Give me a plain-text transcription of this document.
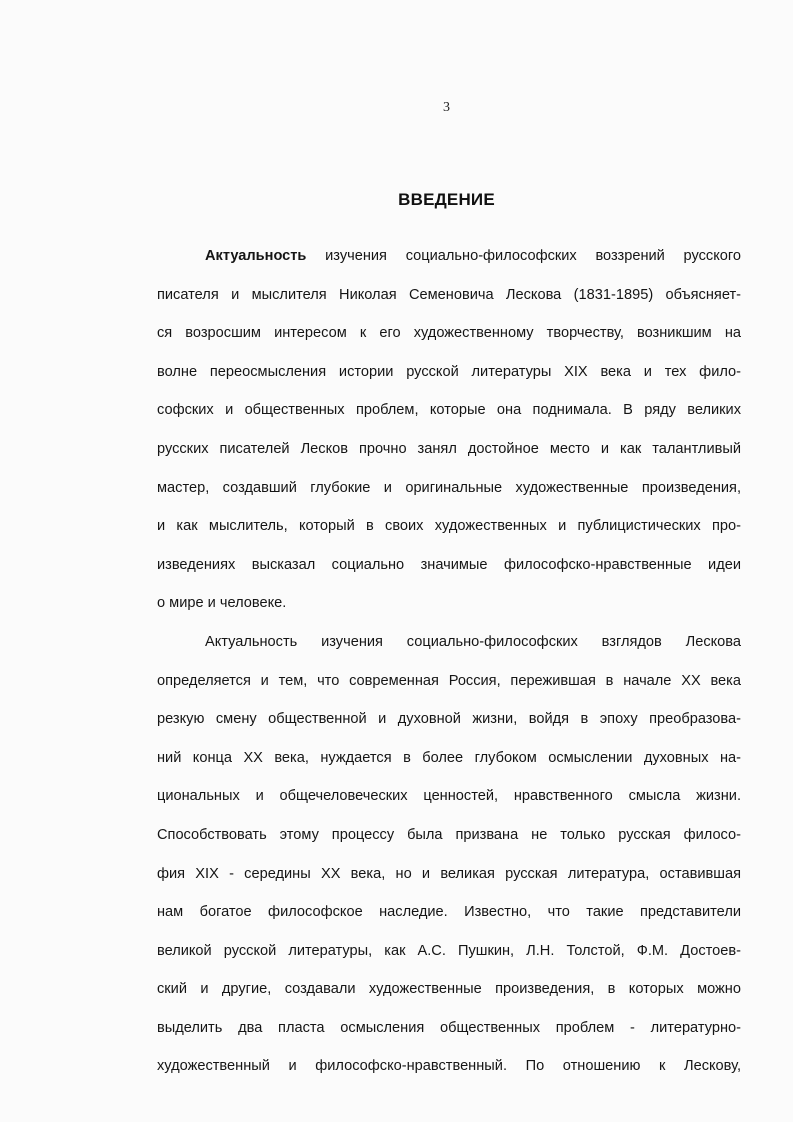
3
ВВЕДЕНИЕ
Актуальность изучения социально-философских воззрений русского
писателя и мыслителя Николая Семеновича Лескова (1831-1895) объясняет-
ся возросшим интересом к его художественному творчеству, возникшим на
волне переосмысления истории русской литературы XIX века и тех фило-
софских и общественных проблем, которые она поднимала. В ряду великих
русских писателей Лесков прочно занял достойное место и как талантливый
мастер, создавший глубокие и оригинальные художественные произведения,
и как мыслитель, который в своих художественных и публицистических про-
изведениях высказал социально значимые философско-нравственные идеи
о мире и человеке.
Актуальность изучения социально-философских взглядов Лескова
определяется и тем, что современная Россия, пережившая в начале XX века
резкую смену общественной и духовной жизни, войдя в эпоху преобразова-
ний конца XX века, нуждается в более глубоком осмыслении духовных на-
циональных и общечеловеческих ценностей, нравственного смысла жизни.
Способствовать этому процессу была призвана не только русская филосо-
фия XIX - середины XX века, но и великая русская литература, оставившая
нам богатое философское наследие. Известно, что такие представители
великой русской литературы, как А.С. Пушкин, Л.Н. Толстой, Ф.М. Достоев-
ский и другие, создавали художественные произведения, в которых можно
выделить два пласта осмысления общественных проблем - литературно-
художественный и философско-нравственный. По отношению к Лескову,
